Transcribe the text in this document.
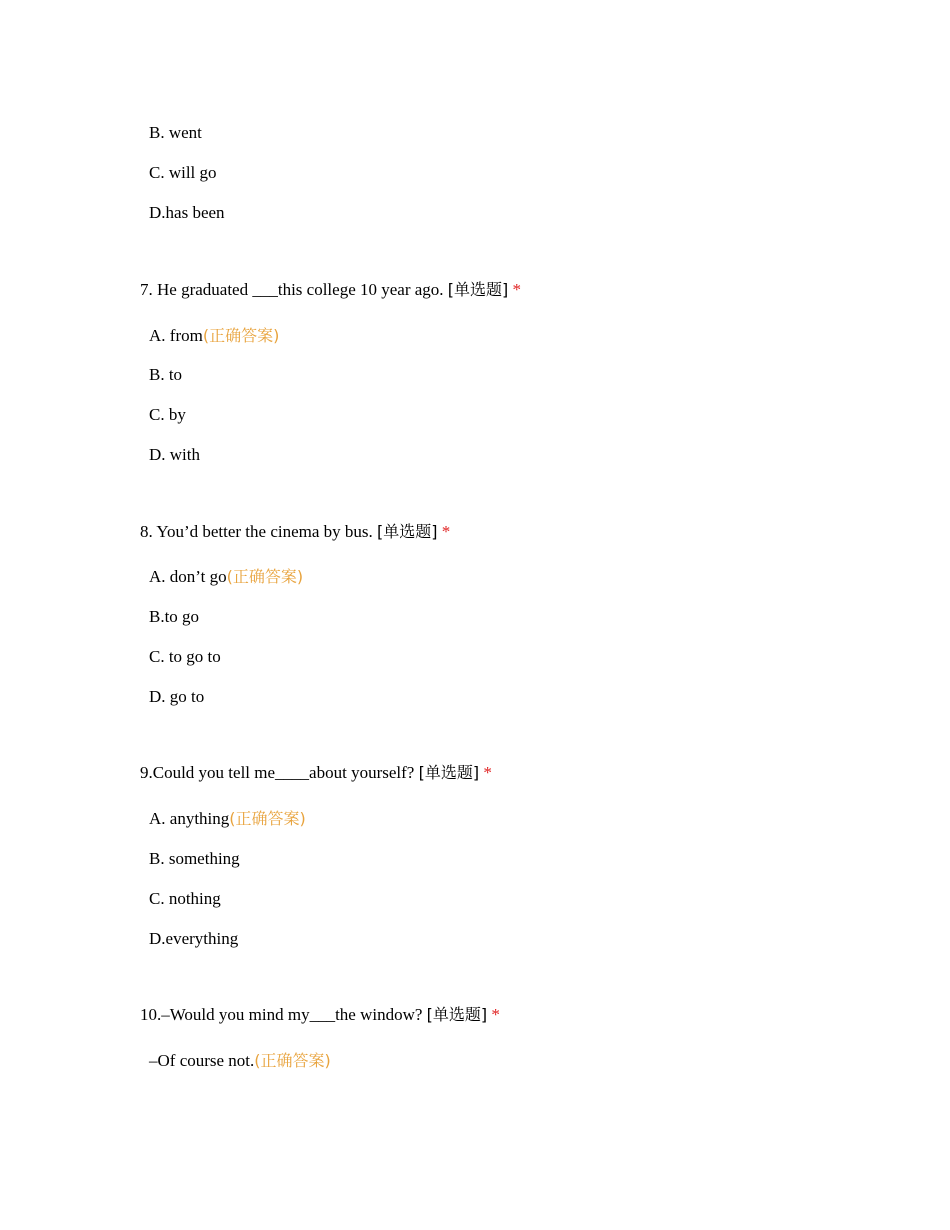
B. went
C. will go
D.has been
7. He graduated ___this college 10 year ago. [单选题] *
A. from(正确答案)
B. to
C. by
D. with
8. You’d better the cinema by bus. [单选题] *
A. don’t go(正确答案)
B.to go
C. to go to
D. go to
9.Could you tell me____about yourself? [单选题] *
A. anything(正确答案)
B. something
C. nothing
D.everything
10.–Would you mind my___the window? [单选题] *
–Of course not.(正确答案)
